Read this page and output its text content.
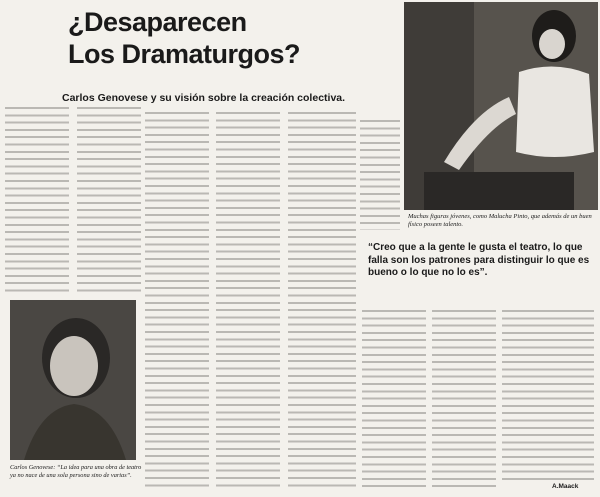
¿Desaparecen
Los Dramaturgos?

Carlos Genovese y su visión sobre la creación colectiva.

Muchas figuras jóvenes, como Malucha Pinto, que además de un buen físico poseen talento.

“Creo que a la gente le gusta el teatro, lo que falla son los patrones para distinguir lo que es bueno o lo que no lo es”.

Carlos Genovese: “La idea para una obra de teatro ya no nace de una sola persona sino de varias”.

A.Maack
